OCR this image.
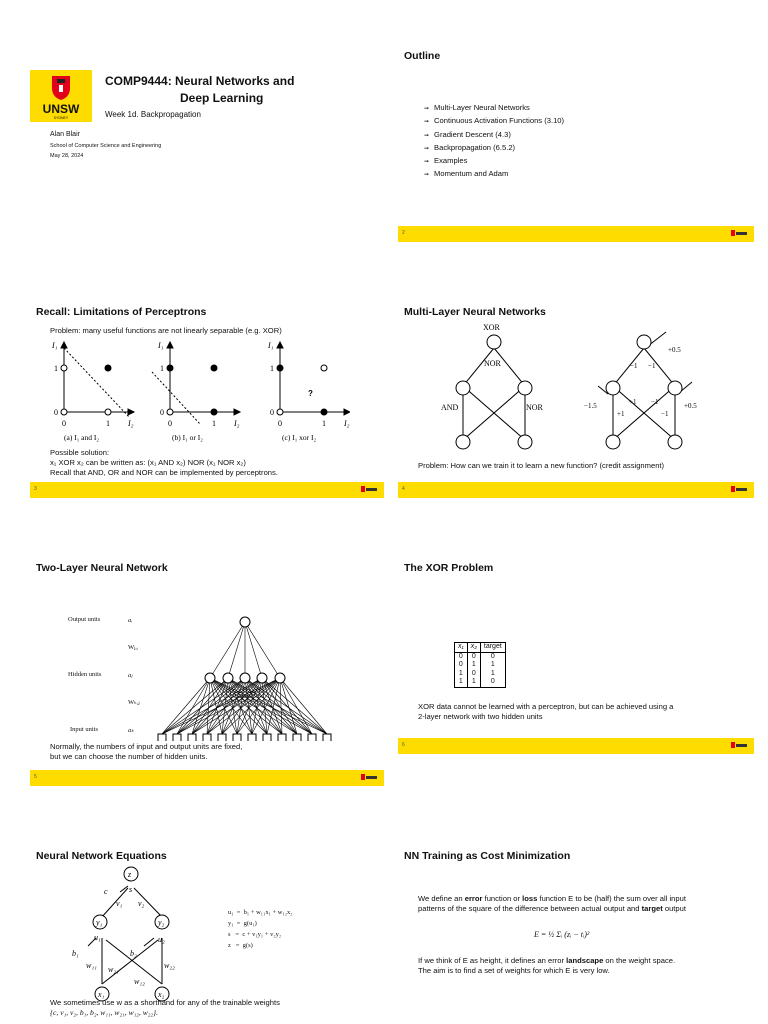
UNSW
SYDNEY
COMP9444: Neural Networks and
Deep Learning
Week 1d. Backpropagation
Alan Blair
School of Computer Science and Engineering
May 28, 2024
Outline
➞ Multi-Layer Neural Networks
➞ Continuous Activation Functions (3.10)
➞ Gradient Descent (4.3)
➞ Backpropagation (6.5.2)
➞ Examples
➞ Momentum and Adam
2
Recall: Limitations of Perceptrons
Problem: many useful functions are not linearly separable (e.g. XOR)
I₁	I₁	I₁
1	1	1
0	0	0
0	1 I₂	0	1 I₂	0	1 I₂
?
(a) I₁ and I₂	(b) I₁ or I₂	(c) I₁ xor I₂
Possible solution:
x₁ XOR x₂ can be written as: (x₁ AND x₂) NOR (x₁ NOR x₂)
Recall that AND, OR and NOR can be implemented by perceptrons.
3
Multi-Layer Neural Networks
XOR
NOR
AND	NOR
+0.5
−1 −1
−1.5	+1 −1
+1	−1
+0.5
Problem: How can we train it to learn a new function? (credit assignment)
4
Two-Layer Neural Network
Output units
Hidden units
Input units
aᵢ
Wⱼ,ᵢ
aⱼ
Wₖ,ⱼ
aₖ
Normally, the numbers of input and output units are fixed,
but we can choose the number of hidden units.
5
The XOR Problem
x₁	x₂	target
0	0	0
0	1	1
1	0	1
1	1	0
XOR data cannot be learned with a perceptron, but can be achieved using a
2-layer network with two hidden units
6
Neural Network Equations
z
s
c
v₁ v₂
y₁	y₂
u₁	u₂
b₁	b₂
w₁₁ w₂₁
w₁₂
w₂₂
x₁	x₂
u₁  =  b₁ + w₁₁x₁ + w₁₂x₂
y₁  =  g(u₁)
s   =  c + v₁y₁ + v₂y₂
z   =  g(s)
We sometimes use w as a shorthand for any of the trainable weights
{c, v₁, v₂, b₁, b₂, w₁₁, w₂₁, w₁₂, w₂₂}.
NN Training as Cost Minimization
We define an error function or loss function E to be (half) the sum over all input
patterns of the square of the difference between actual output and target output
E = ½ Σᵢ (zᵢ − tᵢ)²
If we think of E as height, it defines an error landscape on the weight space.
The aim is to find a set of weights for which E is very low.
